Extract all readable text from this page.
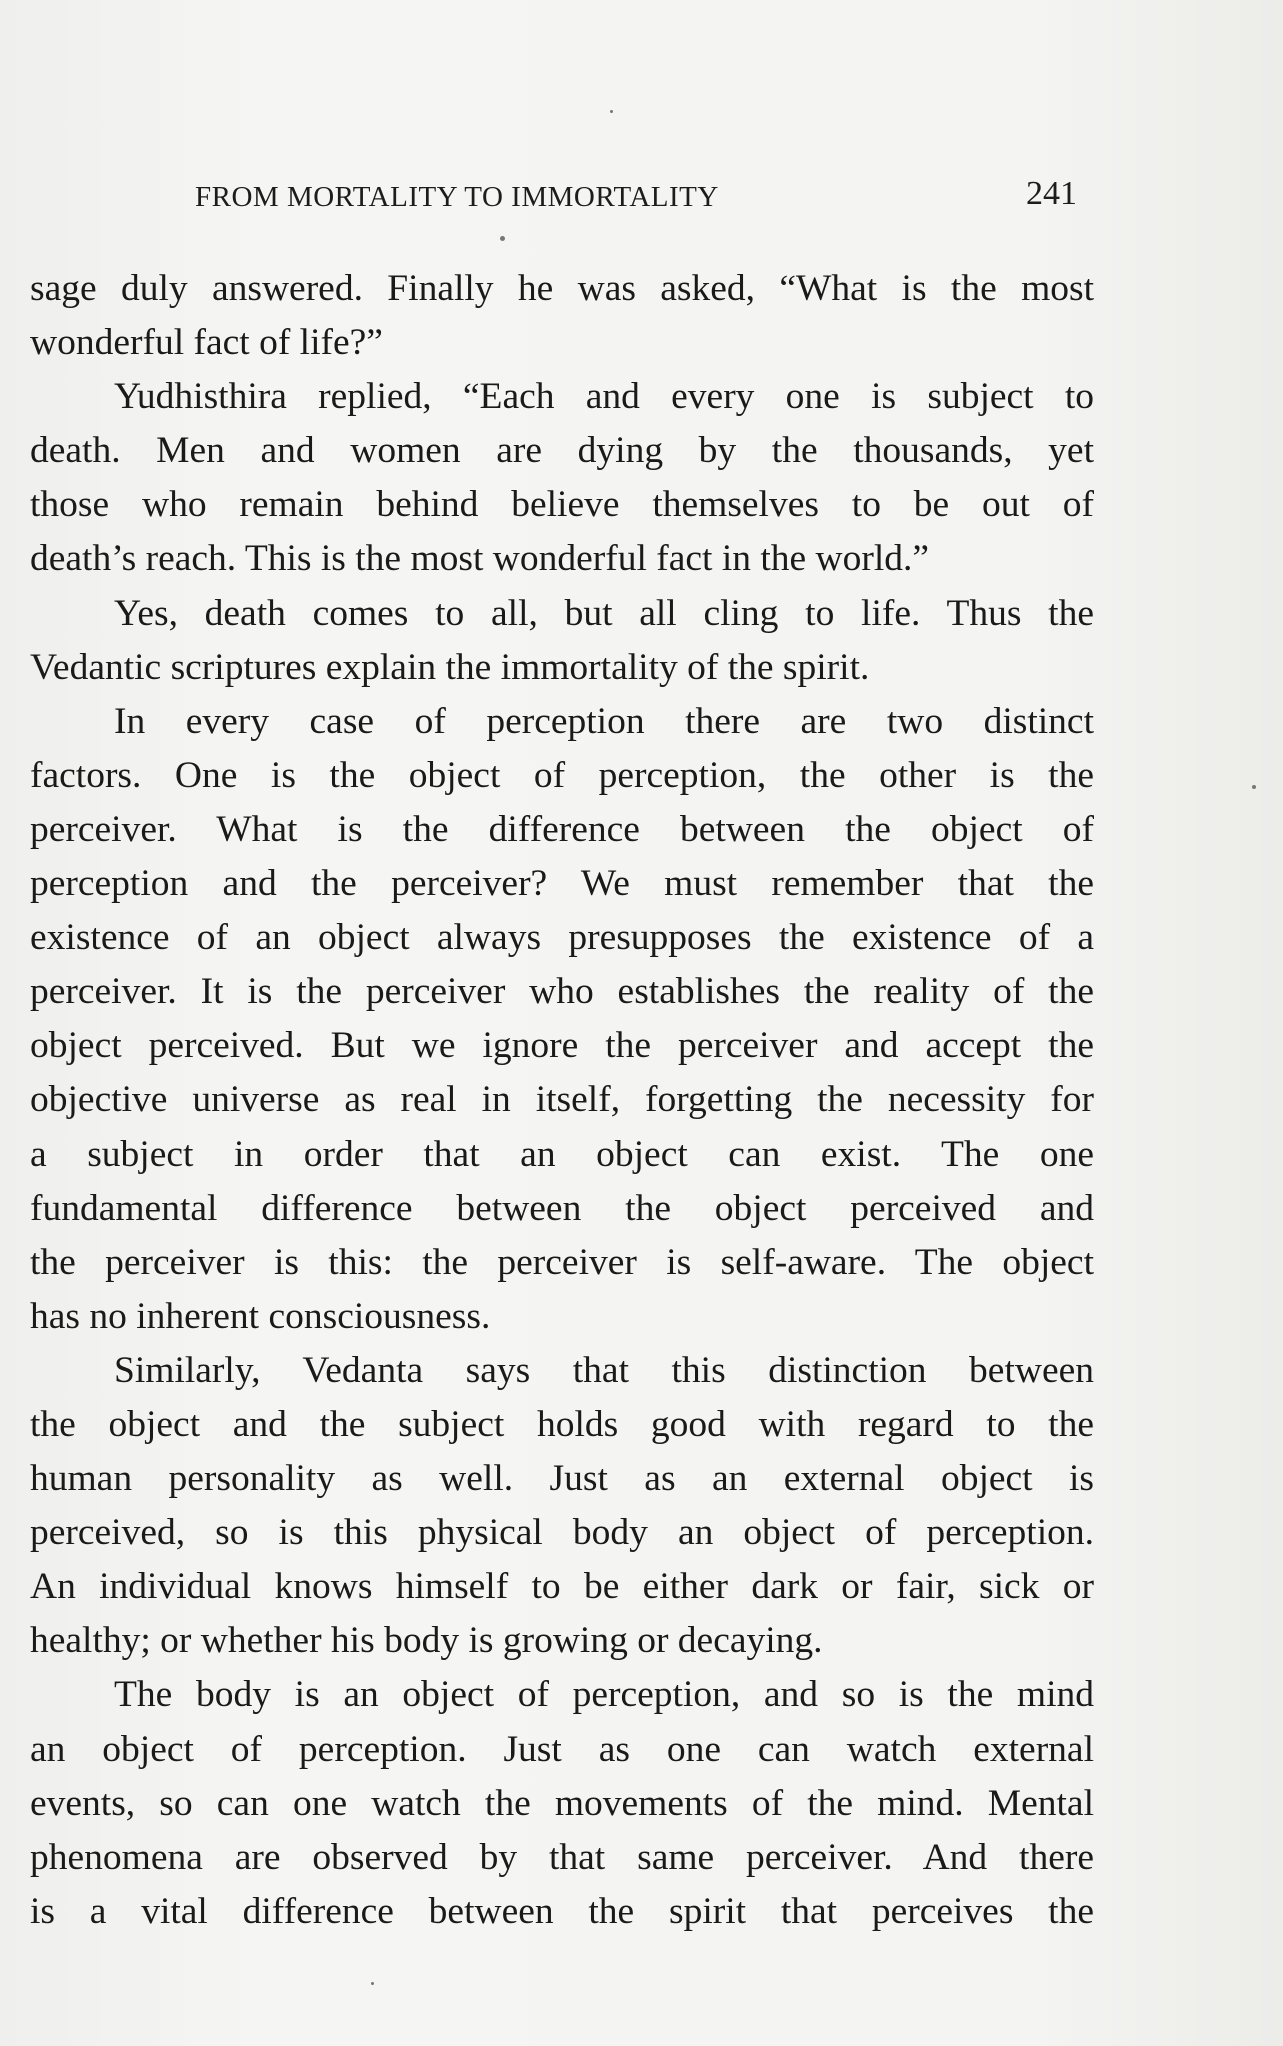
FROM MORTALITY TO IMMORTALITY	241
sage duly answered. Finally he was asked, “What is the most
wonderful fact of life?”
Yudhisthira replied, “Each and every one is subject to
death. Men and women are dying by the thousands, yet
those who remain behind believe themselves to be out of
death’s reach. This is the most wonderful fact in the world.”
Yes, death comes to all, but all cling to life. Thus the
Vedantic scriptures explain the immortality of the spirit.
In every case of perception there are two distinct
factors. One is the object of perception, the other is the
perceiver. What is the difference between the object of
perception and the perceiver? We must remember that the
existence of an object always presupposes the existence of a
perceiver. It is the perceiver who establishes the reality of the
object perceived. But we ignore the perceiver and accept the
objective universe as real in itself, forgetting the necessity for
a subject in order that an object can exist. The one
fundamental difference between the object perceived and
the perceiver is this: the perceiver is self-aware. The object
has no inherent consciousness.
Similarly, Vedanta says that this distinction between
the object and the subject holds good with regard to the
human personality as well. Just as an external object is
perceived, so is this physical body an object of perception.
An individual knows himself to be either dark or fair, sick or
healthy; or whether his body is growing or decaying.
The body is an object of perception, and so is the mind
an object of perception. Just as one can watch external
events, so can one watch the movements of the mind. Mental
phenomena are observed by that same perceiver. And there
is a vital difference between the spirit that perceives the
